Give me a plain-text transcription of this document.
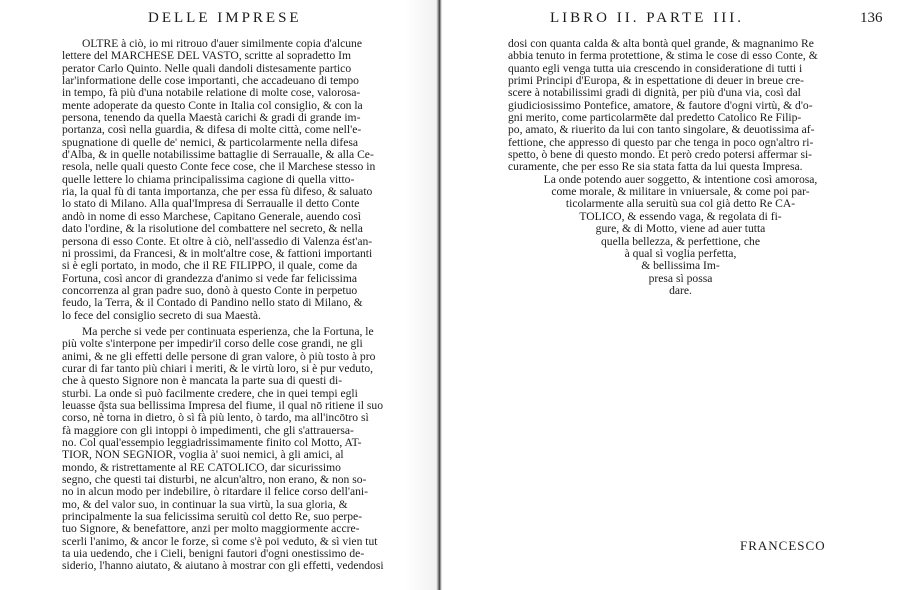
DELLE IMPRESE
OLTRE à ciò, io mi ritrouo d'auer similmente copia d'alcune
lettere del MARCHESE DEL VASTO, scritte al sopradetto Im
perator Carlo Quinto. Nelle quali dandoli distesamente partico
lar'informatione delle cose importanti, che accadeuano di tempo
in tempo, fà più d'una notabile relatione di molte cose, valorosa-
mente adoperate da questo Conte in Italia col consiglio, & con la
persona, tenendo da quella Maestà carichi & gradi di grande im-
portanza, così nella guardia, & difesa di molte città, come nell'e-
spugnatione di quelle de' nemici, & particolarmente nella difesa
d'Alba, & in quelle notabilissime battaglie di Serraualle, & alla Ce-
resola, nelle quali questo Conte fece cose, che il Marchese stesso in
quelle lettere lo chiama principalissima cagione di quella vitto-
ria, la qual fù di tanta importanza, che per essa fù difeso, & saluato
lo stato di Milano. Alla qual'Impresa di Serraualle il detto Conte
andò in nome di esso Marchese, Capitano Generale, auendo così
dato l'ordine, & la risolutione del combattere nel secreto, & nella
persona di esso Conte. Et oltre à ciò, nell'assedio di Valenza ést'an-
ni prossimi, da Francesi, & in molt'altre cose, & fattioni importanti
si è egli portato, in modo, che il RE FILIPPO, il quale, come da
Fortuna, così ancor di grandezza d'animo si vede far felicissima
concorrenza al gran padre suo, donò à questo Conte in perpetuo
feudo, la Terra, & il Contado di Pandino nello stato di Milano, &
lo fece del consiglio secreto di sua Maestà.
Ma perche si vede per continuata esperienza, che la Fortuna, le
più volte s'interpone per impedir'il corso delle cose grandi, ne gli
animi, & ne gli effetti delle persone di gran valore, ò più tosto à pro
curar di far tanto più chiari i meriti, & le virtù loro, si è pur veduto,
che à questo Signore non è mancata la parte sua di questi di-
sturbi. La onde sì può facilmente credere, che in quei tempi egli
leuasse q̃sta sua bellissima Impresa del fiume, il qual nō ritiene il suo
corso, nè torna in dietro, ò sì fà più lento, ò tardo, ma all'incōtro sì
fà maggiore con gli intoppi ò impedimenti, che gli s'attrauersa-
no. Col qual'essempio leggiadrissimamente finito col Motto, AT-
TIOR, NON SEGNIOR, voglia à' suoi nemici, à gli amici, al
mondo, & ristrettamente al RE CATOLICO, dar sicurissimo
segno, che questi tai disturbi, ne alcun'altro, non erano, & non so-
no in alcun modo per indebilire, ò ritardare il felice corso dell'ani-
mo, & del valor suo, in continuar la sua virtù, la sua gloria, &
principalmente la sua felicissima seruitù col detto Re, suo perpe-
tuo Signore, & benefattore, anzi per molto maggiormente accre-
scerli l'animo, & ancor le forze, sì come s'è poi veduto, & sì vien tut
ta uia uedendo, che i Cieli, benigni fautori d'ogni onestissimo de-
siderio, l'hanno aiutato, & aiutano à mostrar con gli effetti, vedendosi
LIBRO II. PARTE III.	136
dosi con quanta calda & alta bontà quel grande, & magnanimo Re
abbia tenuto in ferma protettione, & stima le cose di esso Conte, &
quanto egli venga tutta uia crescendo in consideratione di tutti i
primi Principi d'Europa, & in espettatione di deuer in breue cre-
scere à notabilissimi gradi di dignità, per più d'una via, così dal
giudiciosissimo Pontefice, amatore, & fautore d'ogni virtù, & d'o-
gni merito, come particolarmēte dal predetto Catolico Re Filip-
po, amato, & riuerito da lui con tanto singolare, & deuotissima af-
fettione, che appresso di questo par che tenga in poco ogn'altro ri-
spetto, ò bene di questo mondo. Et però credo potersi affermar si-
curamente, che per esso Re sia stata fatta da lui questa Impresa.
La onde potendo auer soggetto, & intentione così amorosa,
come morale, & militare in vniuersale, & come poi par-
ticolarmente alla seruitù sua col già detto Re CA-
TOLICO, & essendo vaga, & regolata di fi-
gure, & di Motto, viene ad auer tutta
quella bellezza, & perfettione, che
à qual sì voglia perfetta,
& bellissima Im-
presa sì possa
dare.
FRANCESCO
